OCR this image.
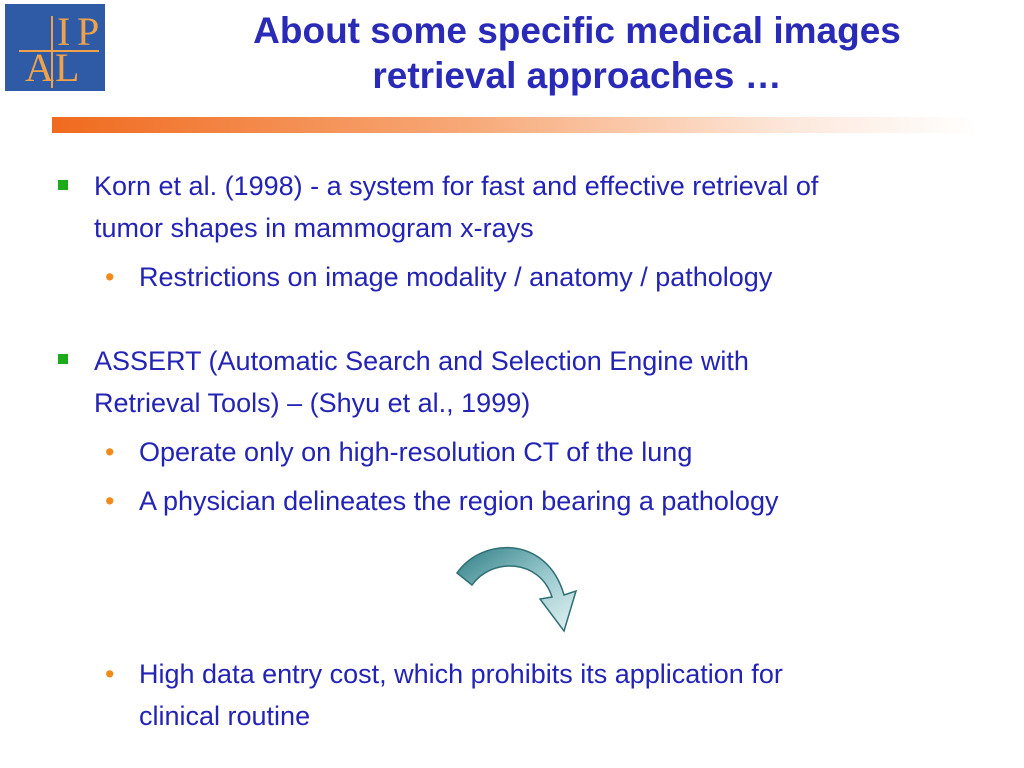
I P
A L
About some specific medical images
retrieval approaches …
Korn et al. (1998) - a system for fast and effective retrieval of
tumor shapes in mammogram x-rays
• Restrictions on image modality / anatomy / pathology
ASSERT (Automatic Search and Selection Engine with
Retrieval Tools) – (Shyu et al., 1999)
• Operate only on high-resolution CT of the lung
• A physician delineates the region bearing a pathology
• High data entry cost, which prohibits its application for
clinical routine
